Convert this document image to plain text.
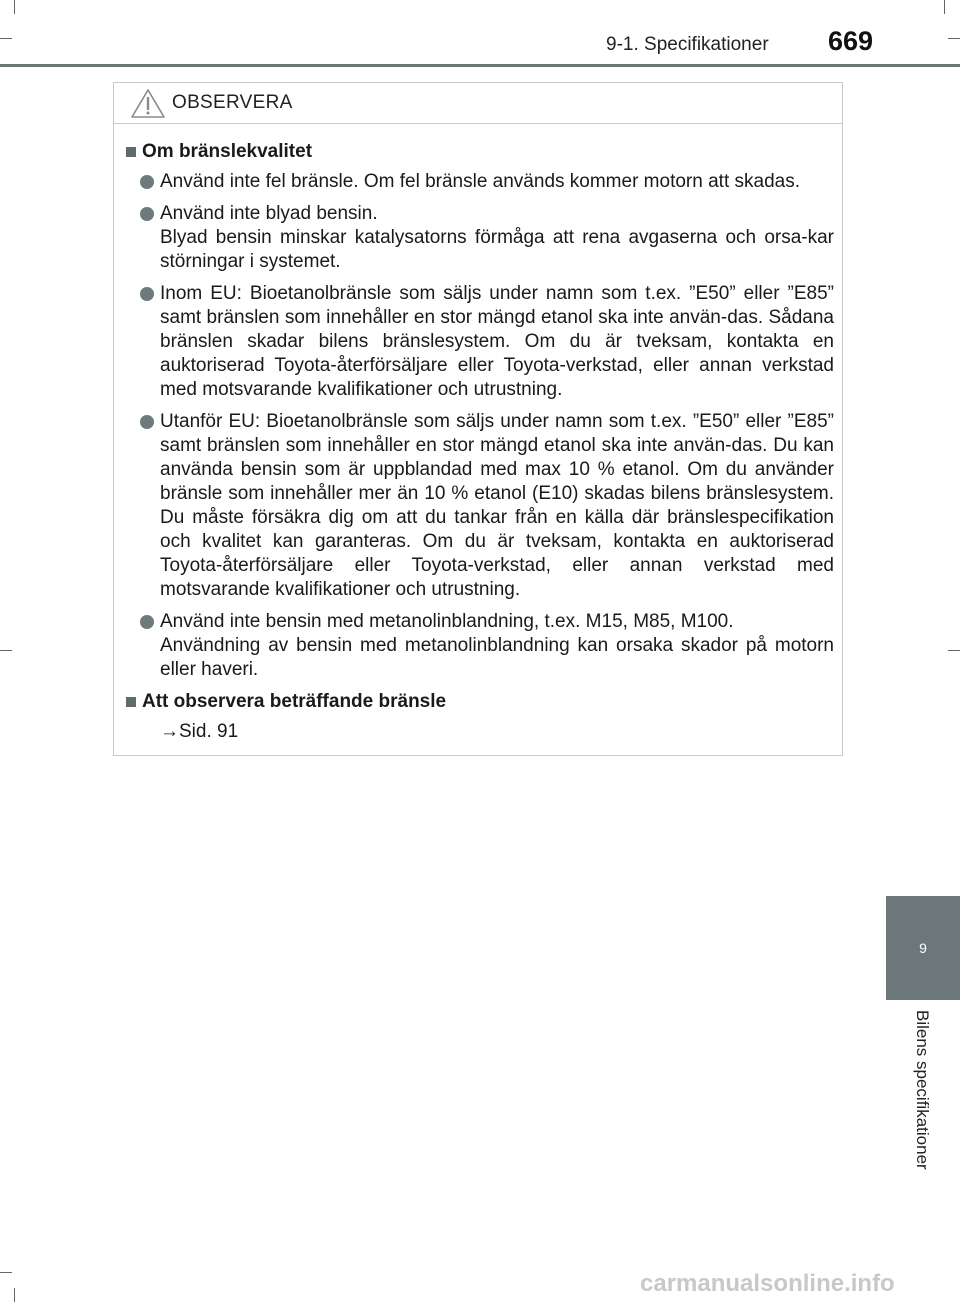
9-1. Specifikationer 669
OBSERVERA
Om bränslekvalitet

Använd inte fel bränsle. Om fel bränsle används kommer motorn att skadas.

Använd inte blyad bensin.

Blyad bensin minskar katalysatorns förmåga att rena avgaserna och orsa-kar störningar i systemet.

Inom EU: Bioetanolbränsle som säljs under namn som t.ex. ”E50” eller ”E85” samt bränslen som innehåller en stor mängd etanol ska inte använ-das. Sådana bränslen skadar bilens bränslesystem. Om du är tveksam, kontakta en auktoriserad Toyota-återförsäljare eller Toyota-verkstad, eller annan verkstad med motsvarande kvalifikationer och utrustning.

Utanför EU: Bioetanolbränsle som säljs under namn som t.ex. ”E50” eller ”E85” samt bränslen som innehåller en stor mängd etanol ska inte använ-das. Du kan använda bensin som är uppblandad med max 10 % etanol. Om du använder bränsle som innehåller mer än 10 % etanol (E10) skadas bilens bränslesystem. Du måste försäkra dig om att du tankar från en källa där bränslespecifikation och kvalitet kan garanteras. Om du är tveksam, kontakta en auktoriserad Toyota-återförsäljare eller Toyota-verkstad, eller annan verkstad med motsvarande kvalifikationer och utrustning.

Använd inte bensin med metanolinblandning, t.ex. M15, M85, M100.

Användning av bensin med metanolinblandning kan orsaka skador på motorn eller haveri.

Att observera beträffande bränsle
→Sid. 91
9
Bilens specifikationer
carmanualsonline.info
